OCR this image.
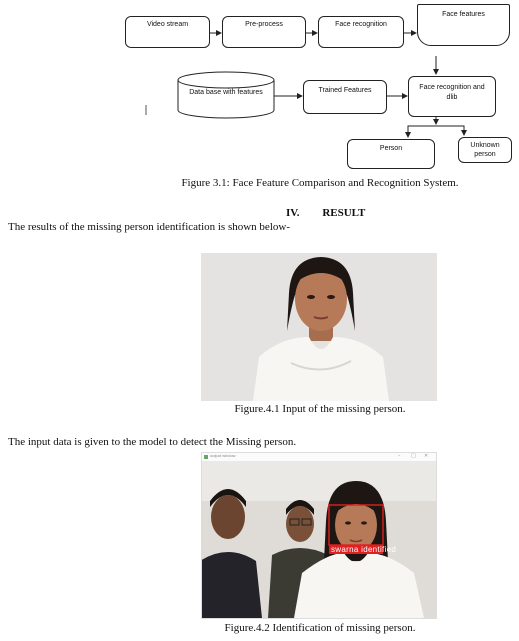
Video stream	Pre-process	Face recognition
Face features
Data base with features	Trained Features	Face recognition and dlib
Person	Unknown person
Figure 3.1: Face Feature Comparison and Recognition System.
IV. RESULT
The results of the missing person identification is shown below-
Figure.4.1 Input of the missing person.
The input data is given to the model to detect the Missing person.
output window	– □ ✕
swarna identified
Figure.4.2 Identification of missing person.
